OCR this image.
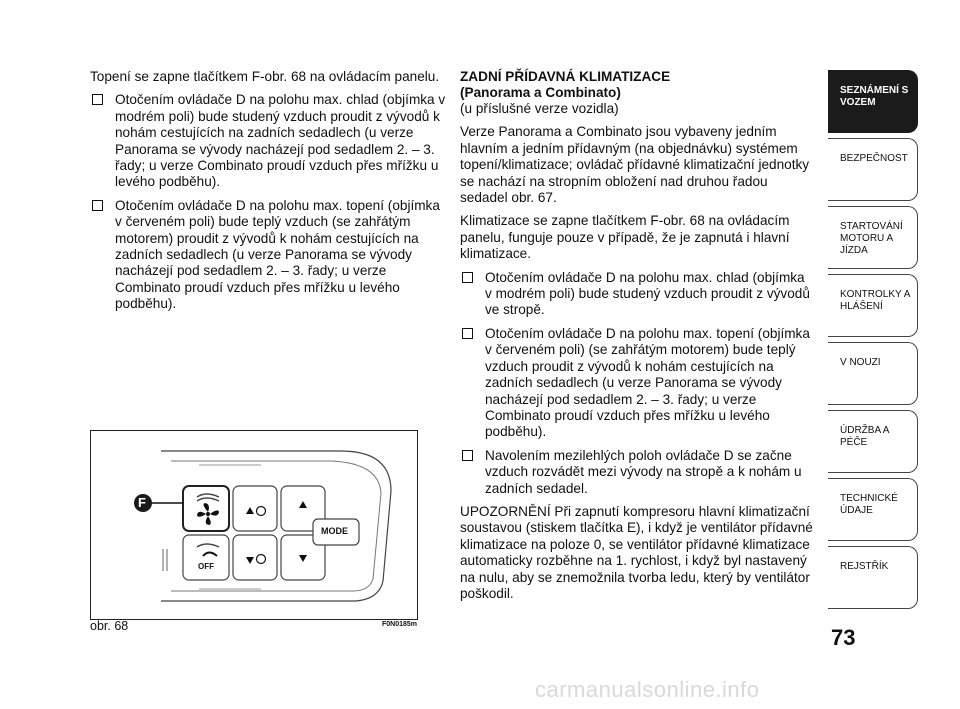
Topení se zapne tlačítkem F-obr. 68 na ovládacím panelu.

Otočením ovládače D na polohu max. chlad (objímka v modrém poli) bude studený vzduch proudit z vývodů k nohám cestujících na zadních sedadlech (u verze Panorama se vývody nacházejí pod sedadlem 2. – 3. řady; u verze Combinato proudí vzduch přes mřížku u levého podběhu).
Otočením ovládače D na polohu max. topení (objímka v červeném poli) bude teplý vzduch (se zahřátým motorem) proudit z vývodů k nohám cestujících na zadních sedadlech (u verze Panorama se vývody nacházejí pod sedadlem 2. – 3. řady; u verze Combinato proudí vzduch přes mřížku u levého podběhu).
F
MODE
OFF
obr. 68	F0N0185m
ZADNÍ PŘÍDAVNÁ KLIMATIZACE
(Panorama a Combinato)

(u příslušné verze vozidla)

Verze Panorama a Combinato jsou vybaveny jedním hlavním a jedním přídavným (na objednávku) systémem topení/klimatizace; ovládač přídavné klimatizační jednotky se nachází na stropním obložení nad druhou řadou sedadel obr. 67.

Klimatizace se zapne tlačítkem F-obr. 68 na ovládacím panelu, funguje pouze v případě, že je zapnutá i hlavní klimatizace.

Otočením ovládače D na polohu max. chlad (objímka v modrém poli) bude studený vzduch proudit z vývodů ve stropě.
Otočením ovládače D na polohu max. topení (objímka v červeném poli) (se zahřátým motorem) bude teplý vzduch proudit z vývodů k nohám cestujících na zadních sedadlech (u verze Panorama se vývody nacházejí pod sedadlem 2. – 3. řady; u verze Combinato proudí vzduch přes mřížku u levého podběhu).
Navolením mezilehlých poloh ovládače D se začne vzduch rozvádět mezi vývody na stropě a k nohám u zadních sedadel.

UPOZORNĚNÍ Při zapnutí kompresoru hlavní klimatizační soustavou (stiskem tlačítka E), i když je ventilátor přídavné klimatizace na poloze 0, se ventilátor přídavné klimatizace automaticky rozběhne na 1. rychlost, i když byl nastavený na nulu, aby se znemožnila tvorba ledu, který by ventilátor poškodil.

SEZNÁMENÍ S VOZEM
BEZPEČNOST
STARTOVÁNÍ MOTORU A JÍZDA
KONTROLKY A HLÁŠENÍ
V NOUZI
ÚDRŽBA A PÉČE
TECHNICKÉ ÚDAJE
REJSTŘÍK
73
carmanualsonline.info
